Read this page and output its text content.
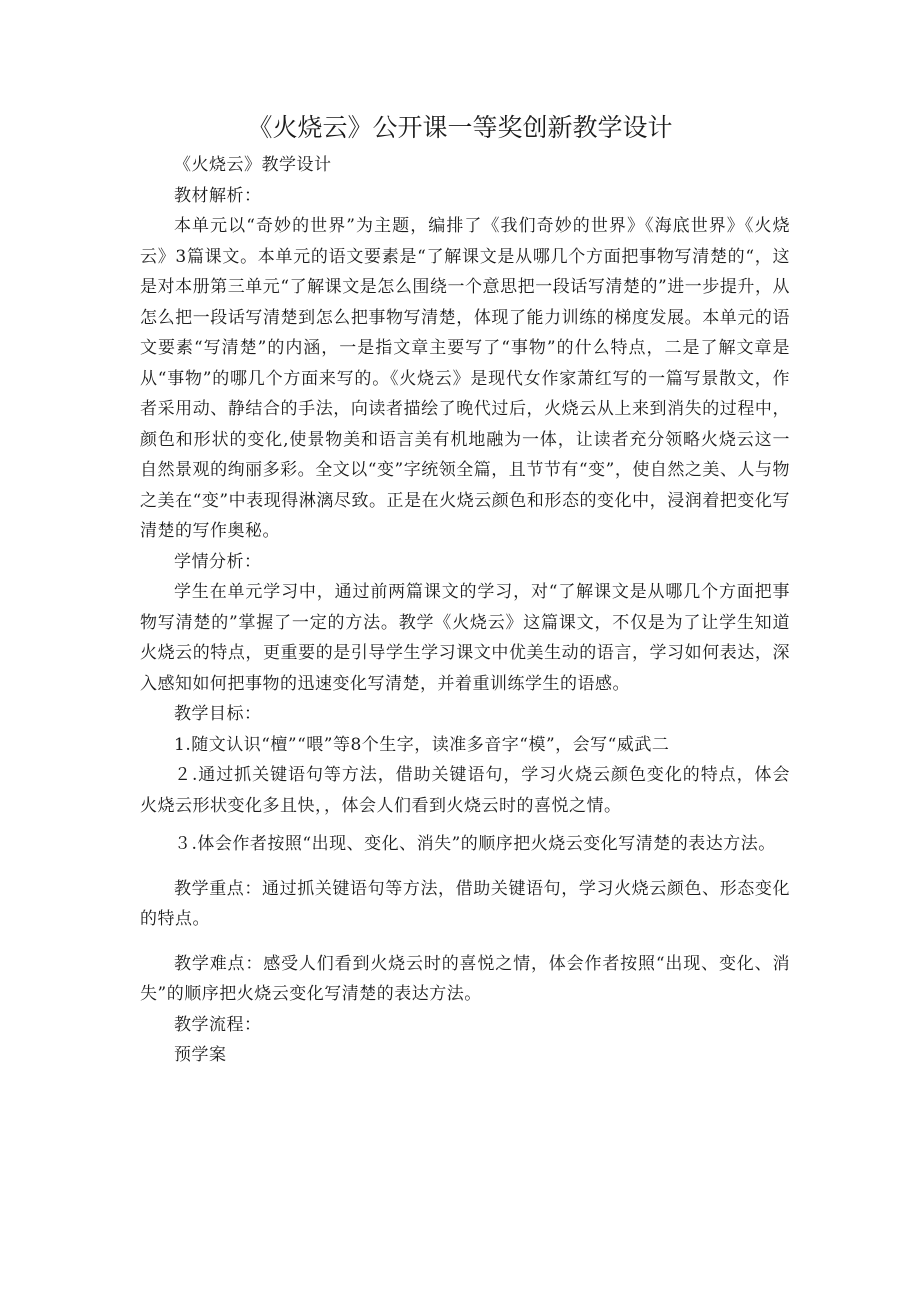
《火烧云》公开课一等奖创新教学设计

《火烧云》教学设计

教材解析：

本单元以“奇妙的世界”为主题，编排了《我们奇妙的世界》《海底世界》《火烧云》3篇课文。本单元的语文要素是“了解课文是从哪几个方面把事物写清楚的“，这是对本册第三单元“了解课文是怎么围绕一个意思把一段话写清楚的”进一步提升，从怎么把一段话写清楚到怎么把事物写清楚，体现了能力训练的梯度发展。本单元的语文要素“写清楚”的内涵，一是指文章主要写了“事物”的什么特点，二是了解文章是从“事物”的哪几个方面来写的。《火烧云》是现代女作家萧红写的一篇写景散文，作者采用动、静结合的手法，向读者描绘了晚代过后，火烧云从上来到消失的过程中，颜色和形状的变化,使景物美和语言美有机地融为一体，让读者充分领略火烧云这一自然景观的绚丽多彩。全文以“变”字统领全篇，且节节有“变”，使自然之美、人与物之美在“变”中表现得淋漓尽致。正是在火烧云颜色和形态的变化中，浸润着把变化写清楚的写作奥秘。

学情分析：

学生在单元学习中，通过前两篇课文的学习，对“了解课文是从哪几个方面把事物写清楚的”掌握了一定的方法。教学《火烧云》这篇课文，不仅是为了让学生知道火烧云的特点，更重要的是引导学生学习课文中优美生动的语言，学习如何表达，深入感知如何把事物的迅速变化写清楚，并着重训练学生的语感。

教学目标：

1.随文认识“檀”“喂”等8个生字，读准多音字“模”，会写“威武二

２.通过抓关键语句等方法，借助关键语句，学习火烧云颜色变化的特点，体会火烧云形状变化多且快，，体会人们看到火烧云时的喜悦之情。

３.体会作者按照“出现、变化、消失”的顺序把火烧云变化写清楚的表达方法。

教学重点：通过抓关键语句等方法，借助关键语句，学习火烧云颜色、形态变化的特点。

教学难点：感受人们看到火烧云时的喜悦之情，体会作者按照“出现、变化、消失”的顺序把火烧云变化写清楚的表达方法。

教学流程：

预学案
